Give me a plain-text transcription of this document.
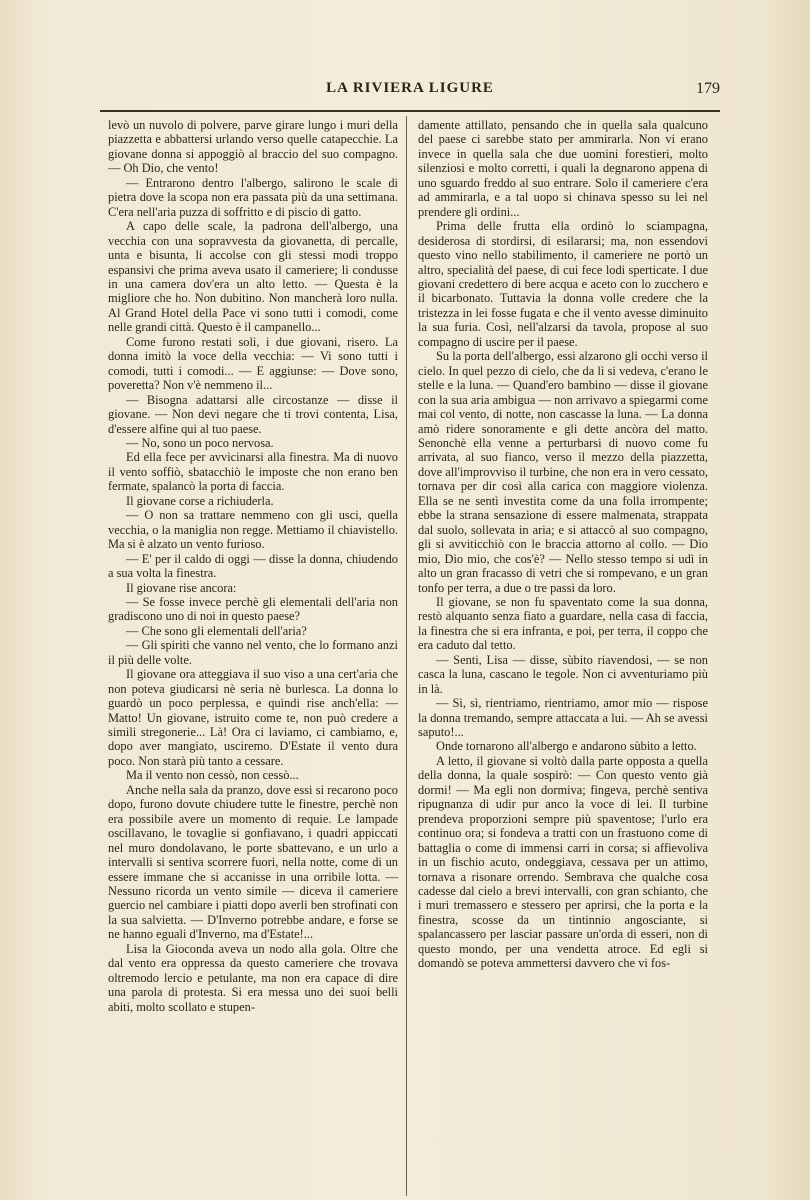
LA RIVIERA LIGURE	179

levò un nuvolo di polvere, parve girare lungo i muri della piazzetta e abbattersi urlando verso quelle catapecchie. La giovane donna si appoggiò al braccio del suo compagno. — Oh Dio, che vento!

— Entrarono dentro l'albergo, salirono le scale di pietra dove la scopa non era passata più da una settimana. C'era nell'aria puzza di soffritto e di piscio di gatto.

A capo delle scale, la padrona dell'albergo, una vecchia con una sopravvesta da giovanetta, di percalle, unta e bisunta, li accolse con gli stessi modi troppo espansivi che prima aveva usato il cameriere; li condusse in una camera dov'era un alto letto. — Questa è la migliore che ho. Non dubitino. Non mancherà loro nulla. Al Grand Hotel della Pace vi sono tutti i comodi, come nelle grandi città. Questo è il campanello...

Come furono restati soli, i due giovani, risero. La donna imitò la voce della vecchia: — Vi sono tutti i comodi, tutti i comodi... — E aggiunse: — Dove sono, poveretta? Non v'è nemmeno il...

— Bisogna adattarsi alle circostanze — disse il giovane. — Non devi negare che ti trovi contenta, Lisa, d'essere alfine qui al tuo paese.

— No, sono un poco nervosa.

Ed ella fece per avvicinarsi alla finestra. Ma di nuovo il vento soffiò, sbatacchiò le imposte che non erano ben fermate, spalancò la porta di faccia.

Il giovane corse a richiuderla.

— O non sa trattare nemmeno con gli usci, quella vecchia, o la maniglia non regge. Mettiamo il chiavistello. Ma si è alzato un vento furioso.

— E' per il caldo di oggi — disse la donna, chiudendo a sua volta la finestra.

Il giovane rise ancora:

— Se fosse invece perchè gli elementali dell'aria non gradiscono uno di noi in questo paese?

— Che sono gli elementali dell'aria?

— Gli spiriti che vanno nel vento, che lo formano anzi il più delle volte.

Il giovane ora atteggiava il suo viso a una cert'aria che non poteva giudicarsi nè seria nè burlesca. La donna lo guardò un poco perplessa, e quindi rise anch'ella: — Matto! Un giovane, istruito come te, non può credere a simili stregonerie... Là! Ora ci laviamo, ci cambiamo, e, dopo aver mangiato, usciremo. D'Estate il vento dura poco. Non starà più tanto a cessare.

Ma il vento non cessò, non cessò...

Anche nella sala da pranzo, dove essi si recarono poco dopo, furono dovute chiudere tutte le finestre, perchè non era possibile avere un momento di requie. Le lampade oscillavano, le tovaglie si gonfiavano, i quadri appiccati nel muro dondolavano, le porte sbattevano, e un urlo a intervalli si sentiva scorrere fuori, nella notte, come di un essere immane che si accanisse in una orribile lotta. — Nessuno ricorda un vento simile — diceva il cameriere guercio nel cambiare i piatti dopo averli ben strofinati con la sua salvietta. — D'Inverno potrebbe andare, e forse se ne hanno eguali d'Inverno, ma d'Estate!...

Lisa la Gioconda aveva un nodo alla gola. Oltre che dal vento era oppressa da questo cameriere che trovava oltremodo lercio e petulante, ma non era capace di dire una parola di protesta. Si era messa uno dei suoi belli abiti, molto scollato e stupen-

damente attillato, pensando che in quella sala qualcuno del paese ci sarebbe stato per ammirarla. Non vi erano invece in quella sala che due uomini forestieri, molto silenziosi e molto corretti, i quali la degnarono appena di uno sguardo freddo al suo entrare. Solo il cameriere c'era ad ammirarla, e a tal uopo si chinava spesso su lei nel prendere gli ordini...

Prima delle frutta ella ordinò lo sciampagna, desiderosa di stordirsi, di esilararsi; ma, non essendovi questo vino nello stabilimento, il cameriere ne portò un altro, specialità del paese, di cui fece lodi sperticate. I due giovani credettero di bere acqua e aceto con lo zucchero e il bicarbonato. Tuttavia la donna volle credere che la tristezza in lei fosse fugata e che il vento avesse diminuito la sua furia. Così, nell'alzarsi da tavola, propose al suo compagno di uscire per il paese.

Su la porta dell'albergo, essi alzarono gli occhi verso il cielo. In quel pezzo di cielo, che da lì si vedeva, c'erano le stelle e la luna. — Quand'ero bambino — disse il giovane con la sua aria ambigua — non arrivavo a spiegarmi come mai col vento, di notte, non cascasse la luna. — La donna amò ridere sonoramente e gli dette ancòra del matto. Senonchè ella venne a perturbarsi di nuovo come fu arrivata, al suo fianco, verso il mezzo della piazzetta, dove all'improvviso il turbine, che non era in vero cessato, tornava per dir così alla carica con maggiore violenza. Ella se ne sentì investita come da una folla irrompente; ebbe la strana sensazione di essere malmenata, strappata dal suolo, sollevata in aria; e si attaccò al suo compagno, gli si avviticchiò con le braccia attorno al collo. — Dio mio, Dio mio, che cos'è? — Nello stesso tempo si udì in alto un gran fracasso di vetri che si rompevano, e un gran tonfo per terra, a due o tre passi da loro.

Il giovane, se non fu spaventato come la sua donna, restò alquanto senza fiato a guardare, nella casa di faccia, la finestra che si era infranta, e poi, per terra, il coppo che era caduto dal tetto.

— Senti, Lisa — disse, sùbito riavendosi, — se non casca la luna, cascano le tegole. Non ci avventuriamo più in là.

— Sì, sì, rientriamo, rientriamo, amor mio — rispose la donna tremando, sempre attaccata a lui. — Ah se avessi saputo!...

Onde tornarono all'albergo e andarono sùbito a letto.

A letto, il giovane si voltò dalla parte opposta a quella della donna, la quale sospirò: — Con questo vento già dormi! — Ma egli non dormiva; fingeva, perchè sentiva ripugnanza di udir pur anco la voce di lei. Il turbine prendeva proporzioni sempre più spaventose; l'urlo era continuo ora; si fondeva a tratti con un frastuono come di battaglia o come di immensi carri in corsa; si affievoliva in un fischio acuto, ondeggiava, cessava per un attimo, tornava a risonare orrendo. Sembrava che qualche cosa cadesse dal cielo a brevi intervalli, con gran schianto, che i muri tremassero e stessero per aprirsi, che la porta e la finestra, scosse da un tintinnio angosciante, si spalancassero per lasciar passare un'orda di esseri, non di questo mondo, per una vendetta atroce. Ed egli si domandò se poteva ammettersi davvero che vi fos-
